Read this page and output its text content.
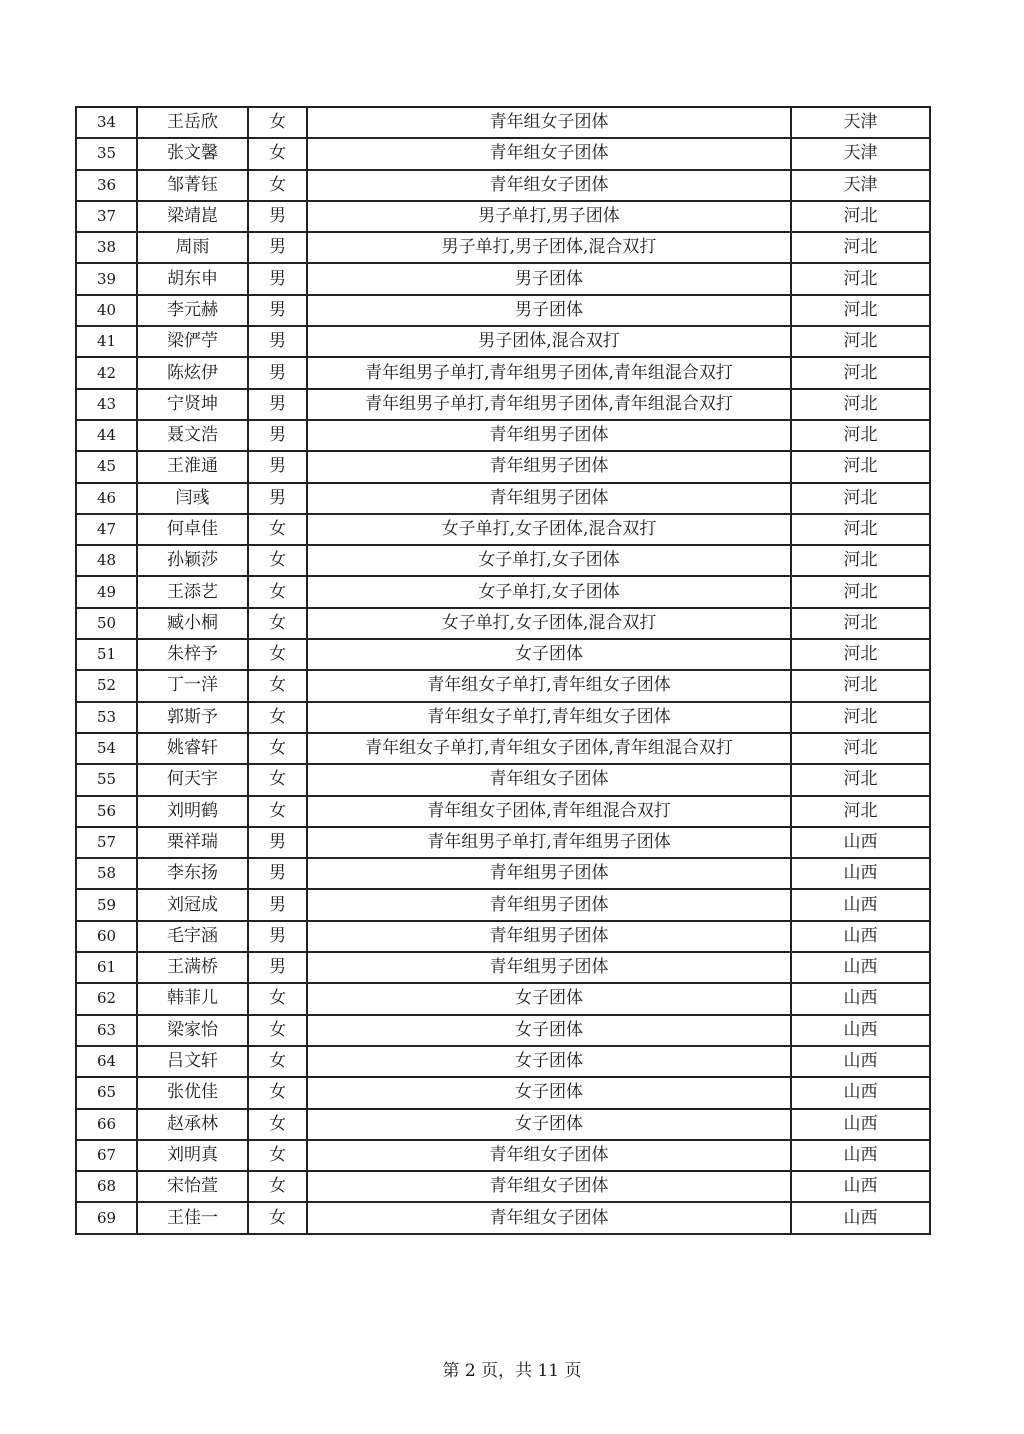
34	王岳欣	女	青年组女子团体	天津
35	张文馨	女	青年组女子团体	天津
36	邹菁钰	女	青年组女子团体	天津
37	梁靖崑	男	男子单打,男子团体	河北
38	周雨	男	男子单打,男子团体,混合双打	河北
39	胡东申	男	男子团体	河北
40	李元赫	男	男子团体	河北
41	梁俨苧	男	男子团体,混合双打	河北
42	陈炫伊	男	青年组男子单打,青年组男子团体,青年组混合双打	河北
43	宁贤坤	男	青年组男子单打,青年组男子团体,青年组混合双打	河北
44	聂文浩	男	青年组男子团体	河北
45	王淮通	男	青年组男子团体	河北
46	闫彧	男	青年组男子团体	河北
47	何卓佳	女	女子单打,女子团体,混合双打	河北
48	孙颖莎	女	女子单打,女子团体	河北
49	王添艺	女	女子单打,女子团体	河北
50	臧小桐	女	女子单打,女子团体,混合双打	河北
51	朱梓予	女	女子团体	河北
52	丁一洋	女	青年组女子单打,青年组女子团体	河北
53	郭斯予	女	青年组女子单打,青年组女子团体	河北
54	姚睿轩	女	青年组女子单打,青年组女子团体,青年组混合双打	河北
55	何天宇	女	青年组女子团体	河北
56	刘明鹤	女	青年组女子团体,青年组混合双打	河北
57	栗祥瑞	男	青年组男子单打,青年组男子团体	山西
58	李东扬	男	青年组男子团体	山西
59	刘冠成	男	青年组男子团体	山西
60	毛宇涵	男	青年组男子团体	山西
61	王满桥	男	青年组男子团体	山西
62	韩菲儿	女	女子团体	山西
63	梁家怡	女	女子团体	山西
64	吕文轩	女	女子团体	山西
65	张优佳	女	女子团体	山西
66	赵承林	女	女子团体	山西
67	刘明真	女	青年组女子团体	山西
68	宋怡萱	女	青年组女子团体	山西
69	王佳一	女	青年组女子团体	山西
第 2 页，共 11 页
